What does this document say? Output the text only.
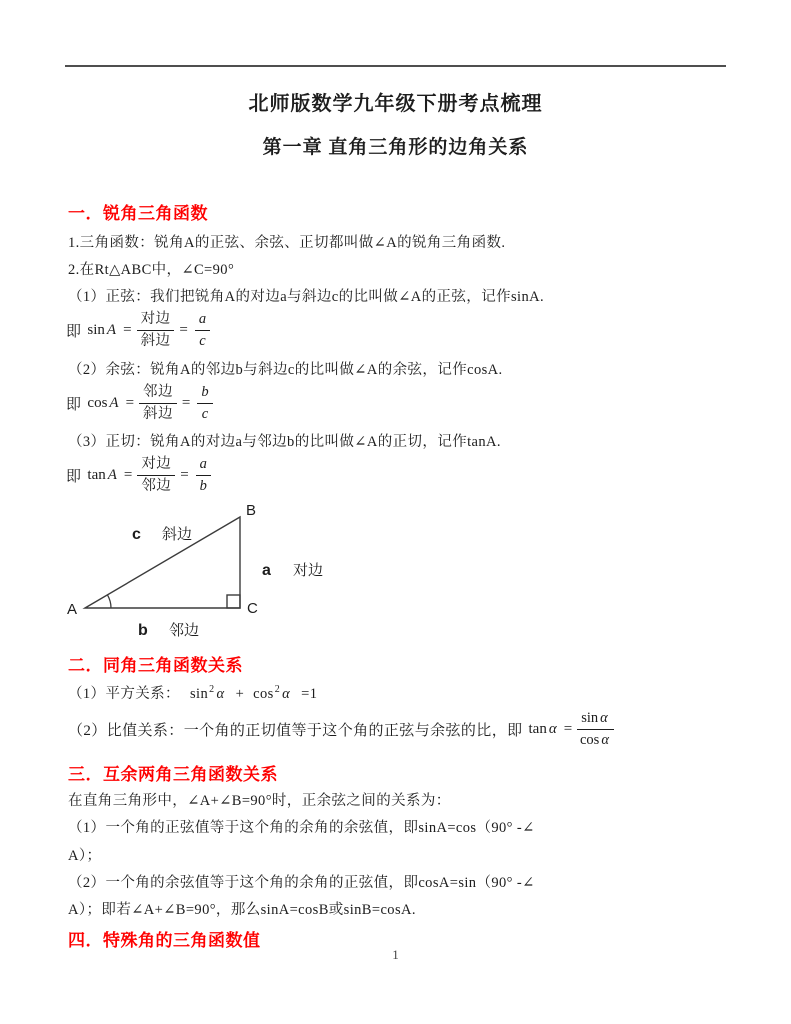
北师版数学九年级下册考点梳理
第一章 直角三角形的边角关系
一．锐角三角函数
1.三角函数：锐角A的正弦、余弦、正切都叫做∠A的锐角三角函数.
2.在Rt△ABC中，∠C=90°
（1）正弦：我们把锐角A的对边a与斜边c的比叫做∠A的正弦，记作sinA.
即 $\sin A = \frac{\text{对边}}{\text{斜边}} = \frac{a}{c}$
（2）余弦：锐角A的邻边b与斜边c的比叫做∠A的余弦，记作cosA.
即 $\cos A = \frac{\text{邻边}}{\text{斜边}} = \frac{b}{c}$
（3）正切：锐角A的对边a与邻边b的比叫做∠A的正切，记作tanA.
即 $\tan A = \frac{\text{对边}}{\text{邻边}} = \frac{a}{b}$
A
B
C
c 斜边
a 对边
b 邻边
二．同角三角函数关系
（1）平方关系： $\sin^2 \alpha + \cos^2 \alpha =1$
（2）比值关系：一个角的正切值等于这个角的正弦与余弦的比，即 $\tan \alpha = \frac{\text{sin α}}{\text{cos α}}$
三．互余两角三角函数关系
在直角三角形中，∠A+∠B=90°时，正余弦之间的关系为：
（1）一个角的正弦值等于这个角的余角的余弦值，即sinA=cos（90° -∠
A）；
（2）一个角的余弦值等于这个角的余角的正弦值，即cosA=sin（90° -∠
A）；即若∠A+∠B=90°，那么sinA=cosB或sinB=cosA.
四．特殊角的三角函数值
1
